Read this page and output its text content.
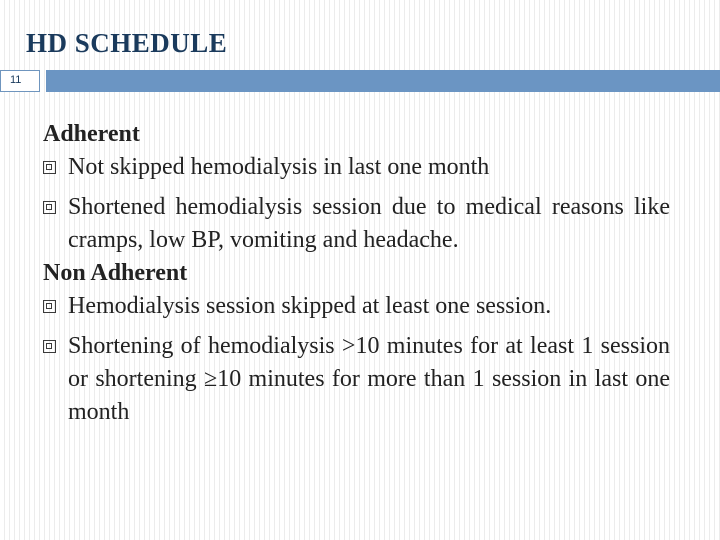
HD SCHEDULE
11
Adherent
Not skipped hemodialysis in last one month
Shortened hemodialysis session due to medical reasons like cramps, low BP, vomiting and headache.
Non Adherent
Hemodialysis session skipped at least one session.
Shortening of hemodialysis >10 minutes for at least 1 session or shortening ≥10 minutes for more than 1 session in last one month
